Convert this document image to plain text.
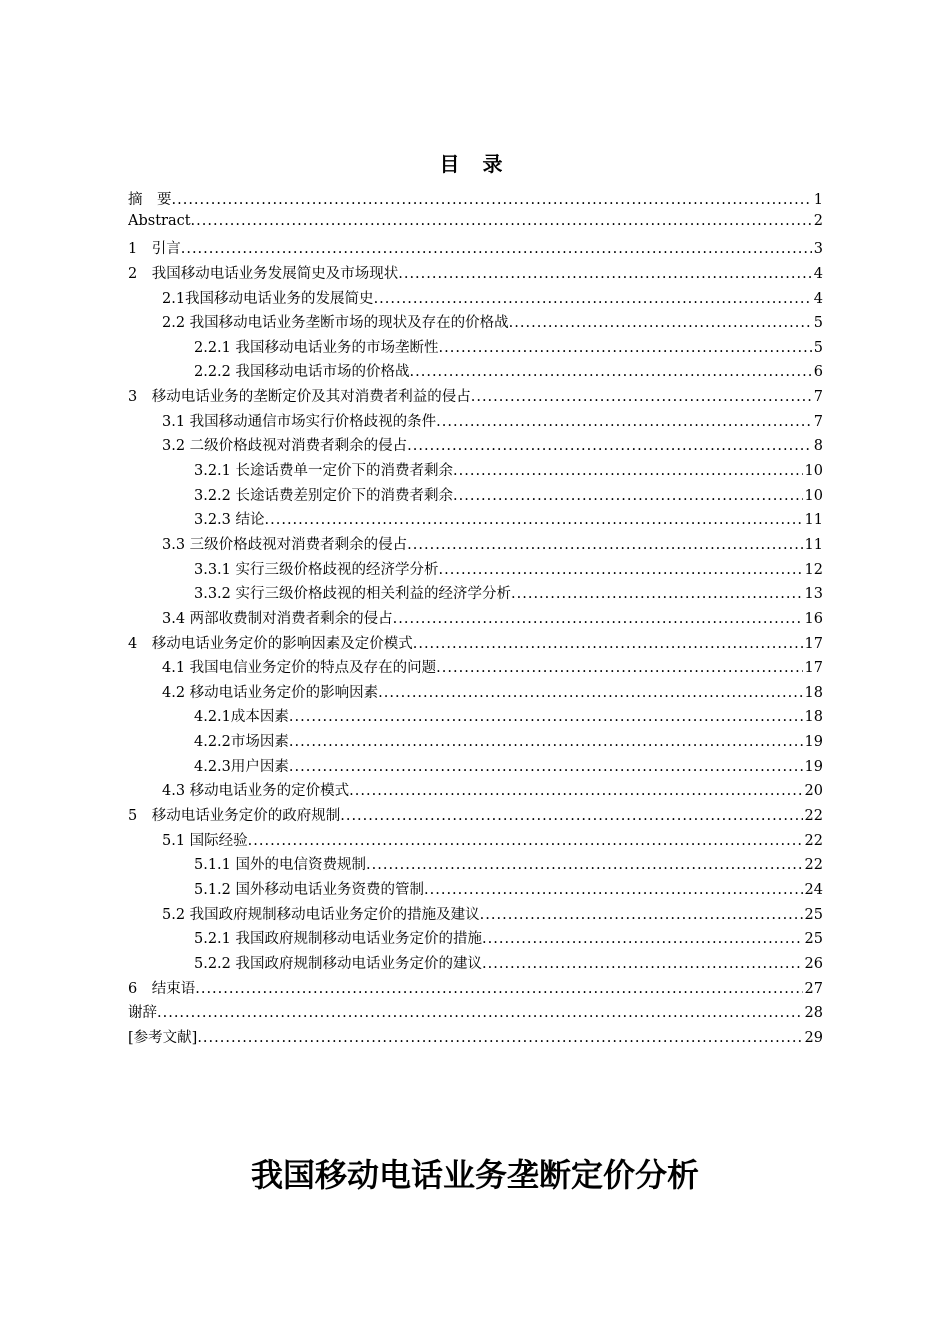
目 录
摘　要 .....	1
Abstract .....	2
1　引言 .....	3
2　我国移动电话业务发展简史及市场现状 .....	4
2.1我国移动电话业务的发展简史 .....	4
2.2 我国移动电话业务垄断市场的现状及存在的价格战 .....	5
2.2.1 我国移动电话业务的市场垄断性 .....	5
2.2.2 我国移动电话市场的价格战 .....	6
3　移动电话业务的垄断定价及其对消费者利益的侵占 .....	7
3.1 我国移动通信市场实行价格歧视的条件 .....	7
3.2 二级价格歧视对消费者剩余的侵占 .....	8
3.2.1 长途话费单一定价下的消费者剩余 .....	10
3.2.2 长途话费差别定价下的消费者剩余 .....	10
3.2.3 结论 .....	11
3.3 三级价格歧视对消费者剩余的侵占 .....	11
3.3.1 实行三级价格歧视的经济学分析 .....	12
3.3.2 实行三级价格歧视的相关利益的经济学分析 .....	13
3.4 两部收费制对消费者剩余的侵占 .....	16
4　移动电话业务定价的影响因素及定价模式 .....	17
4.1 我国电信业务定价的特点及存在的问题 .....	17
4.2 移动电话业务定价的影响因素 .....	18
4.2.1成本因素 .....	18
4.2.2市场因素 .....	19
4.2.3用户因素 .....	19
4.3 移动电话业务的定价模式 .....	20
5　移动电话业务定价的政府规制 .....	22
5.1 国际经验 .....	22
5.1.1 国外的电信资费规制 .....	22
5.1.2 国外移动电话业务资费的管制 .....	24
5.2 我国政府规制移动电话业务定价的措施及建议 .....	25
5.2.1 我国政府规制移动电话业务定价的措施 .....	25
5.2.2 我国政府规制移动电话业务定价的建议 .....	26
6　结束语 .....	27
谢辞 .....	28
[参考文献] .....	29
我国移动电话业务垄断定价分析
